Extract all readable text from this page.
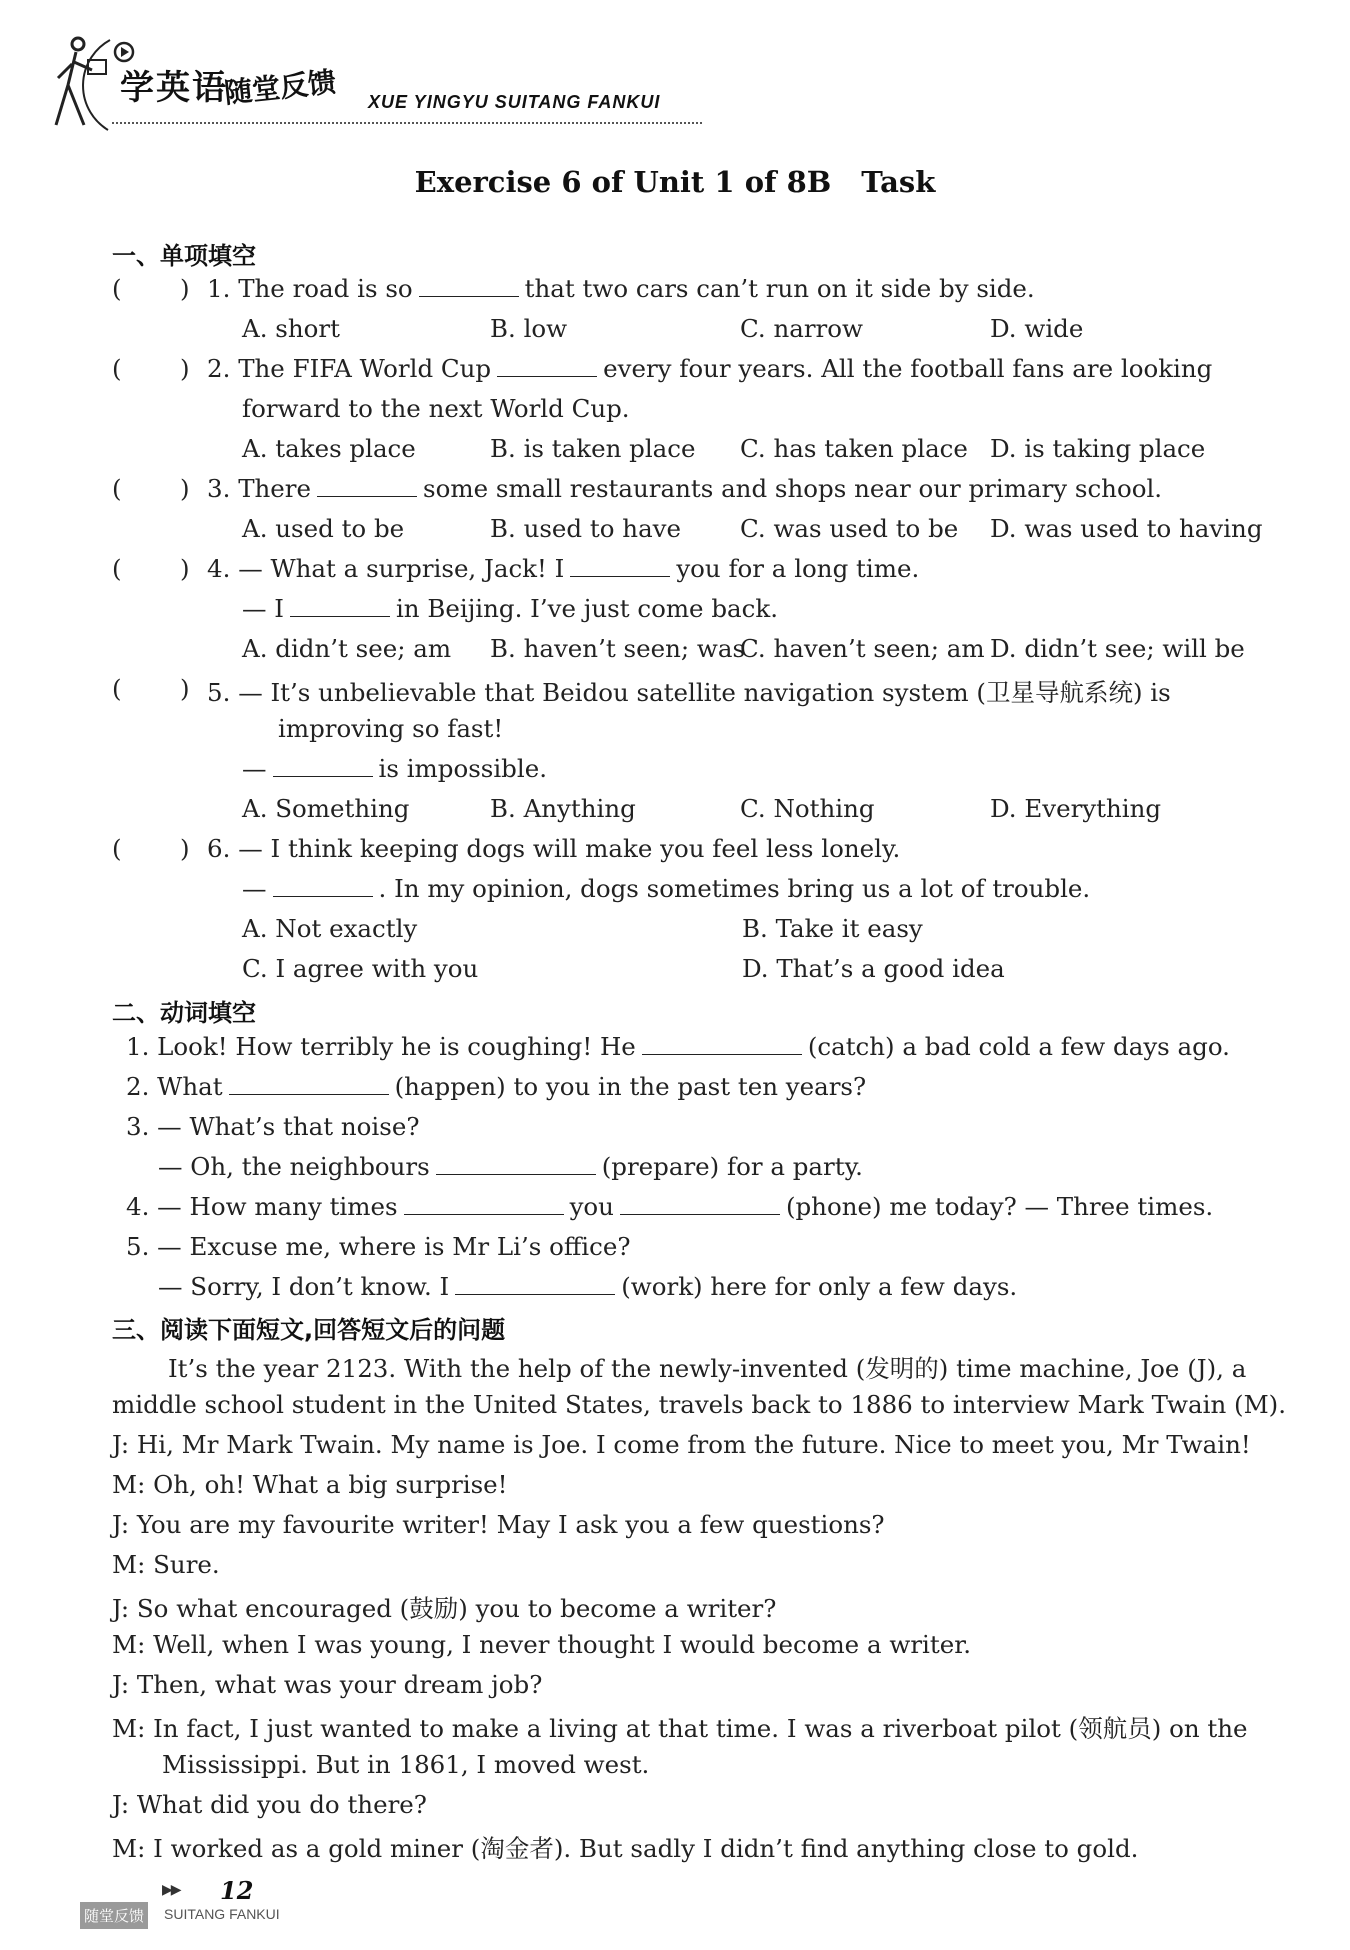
学英语
随堂反馈 XUE YINGYU SUITANG FANKUI
Exercise 6 of Unit 1 of 8B Task
一、单项填空
( ) 1. The road is so	that two cars can’t run on it side by side.
A. short	B. low	C. narrow	D. wide
( ) 2. The FIFA World Cup	every four years. All the football fans are looking
forward to the next World Cup.
A. takes place	B. is taken place C. has taken place D. is taking place
( ) 3. There	some small restaurants and shops near our primary school.
A. used to be	B. used to have C. was used to be D. was used to having
( ) 4. — What a surprise, Jack! I	you for a long time.
— I	in Beijing. I’ve just come back.
A. didn’t see; am B. haven’t seen; was
C. haven’t seen; am D. didn’t see; will be
( ) 5. — It’s unbelievable that Beidou satellite navigation system (卫星导航系统) is
improving so fast!
—	is impossible.
A. Something	B. Anything	C. Nothing	D. Everything
( ) 6. — I think keeping dogs will make you feel less lonely.
—	. In my opinion, dogs sometimes bring us a lot of trouble.
A. Not exactly	B. Take it easy
C. I agree with you	D. That’s a good idea
二、动词填空
1. Look! How terribly he is coughing! He	(catch) a bad cold a few days ago.
2. What	(happen) to you in the past ten years?
3. — What’s that noise?
— Oh, the neighbours	(prepare) for a party.
4. — How many times	you	(phone) me today? — Three times.
5. — Excuse me, where is Mr Li’s office?
— Sorry, I don’t know. I	(work) here for only a few days.
三、阅读下面短文,回答短文后的问题
It’s the year 2123. With the help of the newly-invented (发明的) time machine, Joe (J), a
middle school student in the United States, travels back to 1886 to interview Mark Twain (M).
J: Hi, Mr Mark Twain. My name is Joe. I come from the future. Nice to meet you, Mr Twain!
M: Oh, oh! What a big surprise!
J: You are my favourite writer! May I ask you a few questions?
M: Sure.
J: So what encouraged (鼓励) you to become a writer?
M: Well, when I was young, I never thought I would become a writer.
J: Then, what was your dream job?
M: In fact, I just wanted to make a living at that time. I was a riverboat pilot (领航员) on the
Mississippi. But in 1861, I moved west.
J: What did you do there?
M: I worked as a gold miner (淘金者). But sadly I didn’t find anything close to gold.
▶▶ 12
随堂反馈 SUITANG FANKUI
